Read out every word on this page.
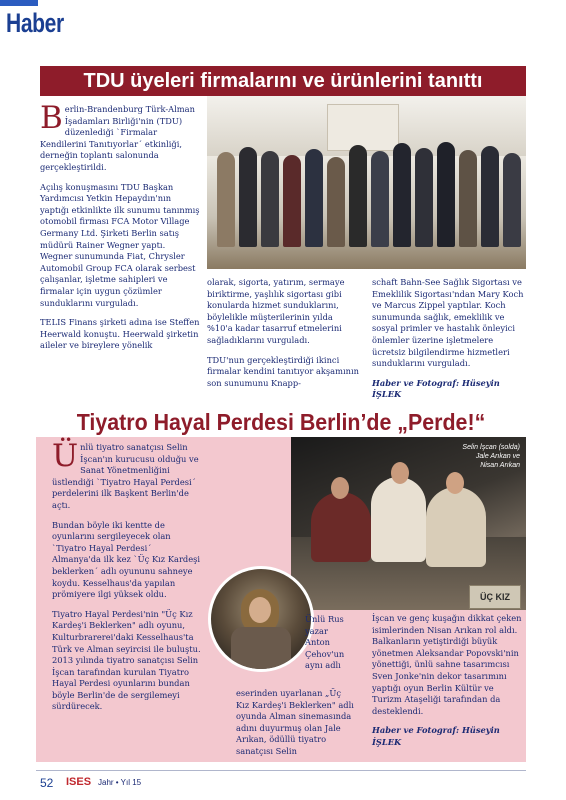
Haber
TDU üyeleri firmalarını ve ürünlerini tanıttı

Berlin-Brandenburg Türk-Alman İşadamları Birliği'nin (TDU) düzenlediği `Firmalar Kendilerini Tanıtıyorlar´ etkinliği, derneğin toplantı salonunda gerçekleştirildi.

Açılış konuşmasını TDU Başkan Yardımcısı Yetkin Hepaydın'nın yaptığı etkinlikte ilk sunumu tanınmış otomobil firması FCA Motor Village Germany Ltd. Şirketi Berlin satış müdürü Rainer Wegner yaptı. Wegner sunumunda Fiat, Chrysler Automobil Group FCA olarak serbest çalışanlar, işletme sahipleri ve firmalar için uygun çözümler sunduklarını vurguladı.

TELIS Finans şirketi adına ise Steffen Heerwald konuştu. Heerwald şirketin aileler ve bireylere yönelik

olarak, sigorta, yatırım, sermaye biriktirme, yaşlılık sigortası gibi konularda hizmet sunduklarını, böylelikle müşterilerinin yılda %10'a kadar tasarruf etmelerini sağladıklarını vurguladı.

TDU'nun gerçekleştirdiği ikinci firmalar kendini tanıtıyor akşamının son sunumunu Knapp-

schaft Bahn-See Sağlık Sigortası ve Emeklilik Sigortası'ndan Mary Koch ve Marcus Zippel yaptılar. Koch sunumunda sağlık, emeklilik ve sosyal primler ve hastalık önleyici önlemler üzerine işletmelere ücretsiz bilgilendirme hizmetleri sunduklarını vurguladı.

Haber ve Fotograf: Hüseyin İŞLEK

Tiyatro Hayal Perdesi Berlin’de „Perde!“

Ünlü tiyatro sanatçısı Selin İşcan'ın kurucusu olduğu ve Sanat Yönetmenliğini üstlendiği `Tiyatro Hayal Perdesi´ perdelerini ilk Başkent Berlin'de açtı.

Bundan böyle iki kentte de oyunlarını sergileyecek olan `Tiyatro Hayal Perdesi´ Almanya'da ilk kez `Üç Kız Kardeşi beklerken´ adlı oyununu sahneye koydu. Kesselhaus'da yapılan prömiyere ilgi yüksek oldu.

Tiyatro Hayal Perdesi'nin "Üç Kız Kardeş'i Beklerken" adlı oyunu, Kulturbrarerei'daki Kesselhaus'ta Türk ve Alman seyircisi ile buluştu. 2013 yılında tiyatro sanatçısı Selin İşcan tarafından kurulan Tiyatro Hayal Perdesi oyunlarını bundan böyle Berlin'de de sergilemeyi sürdürecek.

ÜÇ KIZ
Selin İşcan (solda)
Jale Arıkan ve
Nisan Arıkan

Ünlü Rus yazar Anton Çehov'un aynı adlı

eserinden uyarlanan „Üç Kız Kardeş'i Beklerken" adlı oyunda Alman sinemasında adını duyurmuş olan Jale Arıkan, ödüllü tiyatro sanatçısı Selin

İşcan ve genç kuşağın dikkat çeken isimlerinden Nisan Arıkan rol aldı. Balkanların yetiştirdiği büyük yönetmen Aleksandar Popovski'nin yönettiği, ünlü sahne tasarımcısı Sven Jonke'nin dekor tasarımını yaptığı oyun Berlin Kültür ve Turizm Ataşeliği tarafından da desteklendi.

Haber ve Fotograf: Hüseyin İŞLEK

52 ISES Jahr • Yıl 15
